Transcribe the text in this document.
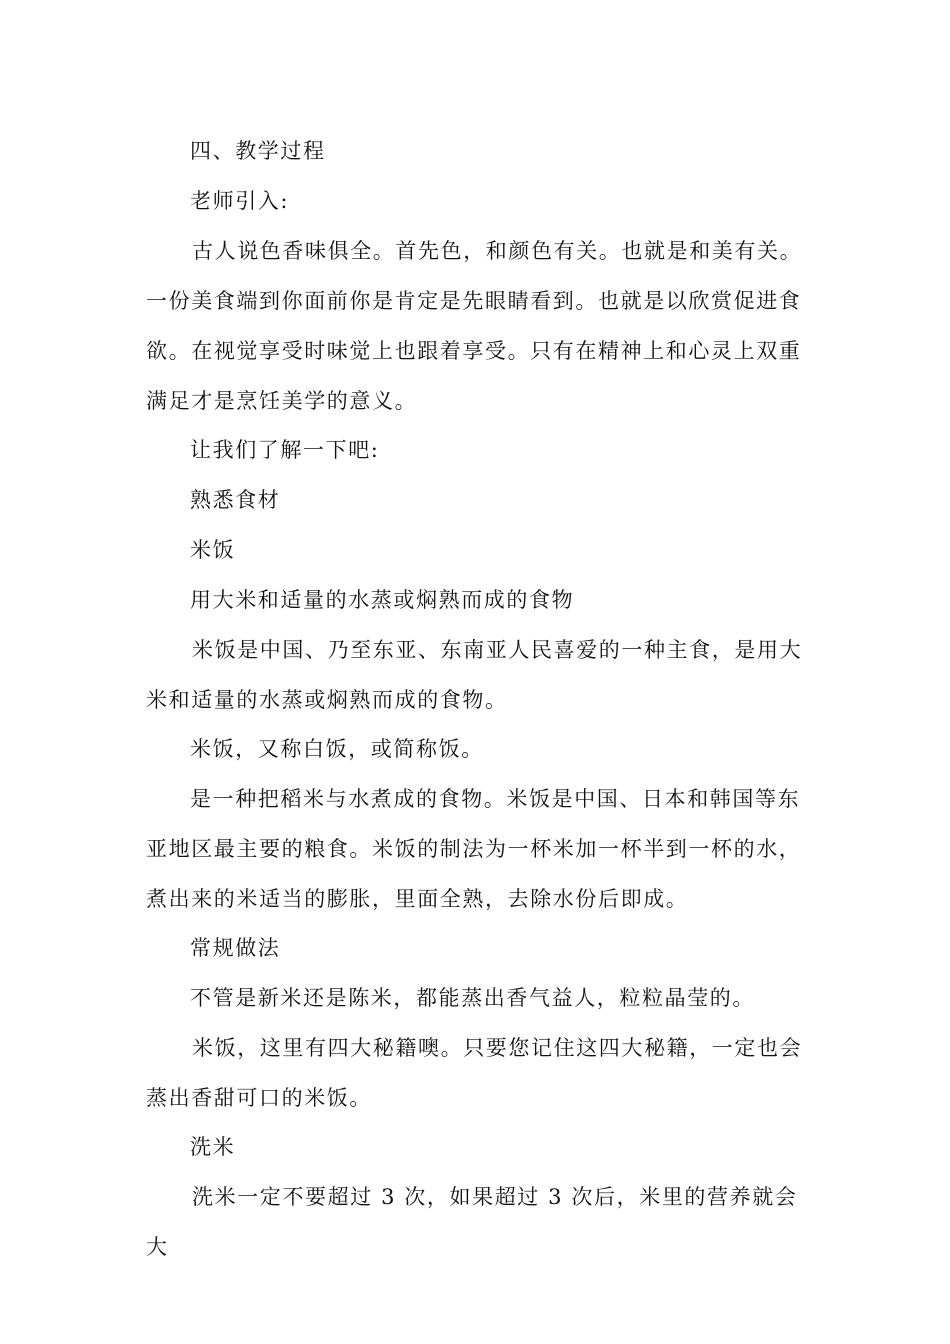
四、教学过程

老师引入:

古人说色香味俱全。首先色，和颜色有关。也就是和美有关。一份美食端到你面前你是肯定是先眼睛看到。也就是以欣赏促进食欲。在视觉享受时味觉上也跟着享受。只有在精神上和心灵上双重满足才是烹饪美学的意义。

让我们了解一下吧:

熟悉食材

米饭

用大米和适量的水蒸或焖熟而成的食物

米饭是中国、乃至东亚、东南亚人民喜爱的一种主食，是用大米和适量的水蒸或焖熟而成的食物。

米饭，又称白饭，或简称饭。

是一种把稻米与水煮成的食物。米饭是中国、日本和韩国等东亚地区最主要的粮食。米饭的制法为一杯米加一杯半到一杯的水，煮出来的米适当的膨胀，里面全熟，去除水份后即成。

常规做法

不管是新米还是陈米，都能蒸出香气益人，粒粒晶莹的。

米饭，这里有四大秘籍噢。只要您记住这四大秘籍，一定也会蒸出香甜可口的米饭。

洗米

洗米一定不要超过 3 次，如果超过 3 次后，米里的营养就会大
